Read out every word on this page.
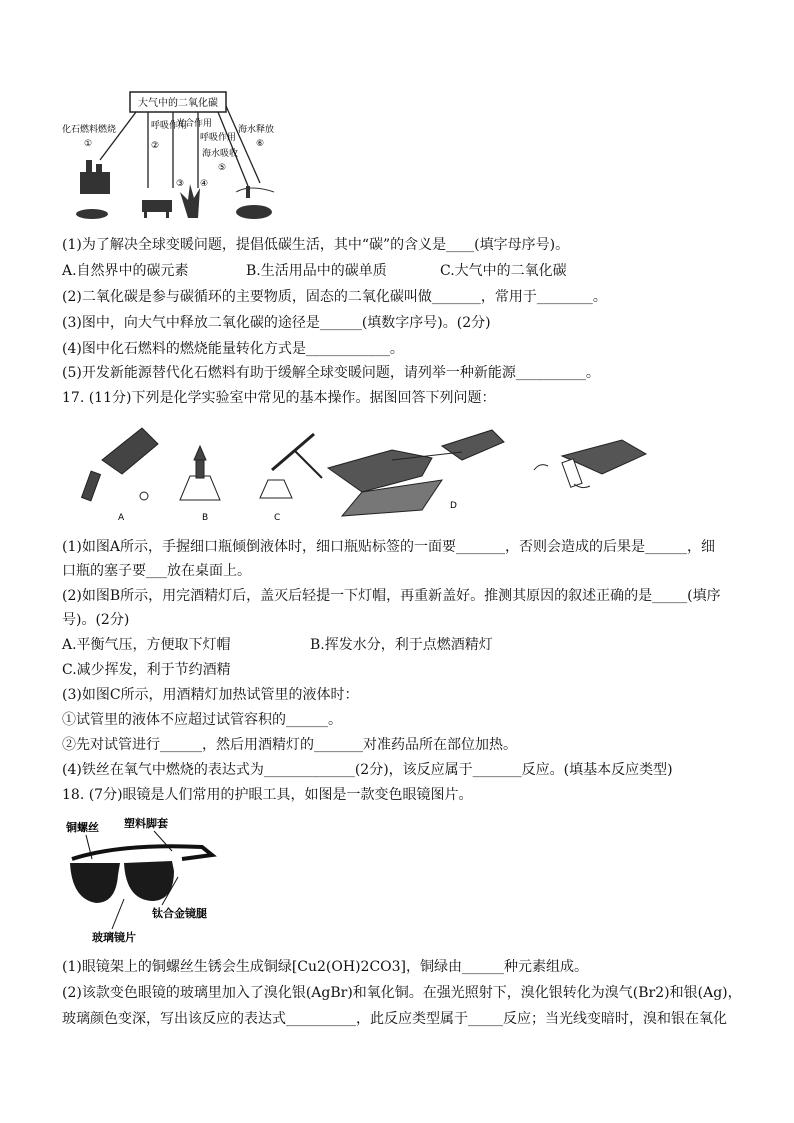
大气中的二氧化碳
化石燃料燃烧
①	②
呼吸作用
光合作用
③
呼吸作用
④
海水吸收
⑤
海水释放
⑥
(1)为了解决全球变暖问题，提倡低碳生活，其中“碳”的含义是____(填字母序号)。
A.自然界中的碳元素	B.生活用品中的碳单质	C.大气中的二氧化碳
(2)二氧化碳是参与碳循环的主要物质，固态的二氧化碳叫做_______，常用于________。
(3)图中，向大气中释放二氧化碳的途径是______(填数字序号)。(2分)
(4)图中化石燃料的燃烧能量转化方式是____________。
(5)开发新能源替代化石燃料有助于缓解全球变暖问题，请列举一种新能源__________。
17. (11分)下列是化学实验室中常见的基本操作。据图回答下列问题：
A	B	C
D
(1)如图A所示，手握细口瓶倾倒液体时，细口瓶贴标签的一面要_______，否则会造成的后果是______，细
口瓶的塞子要___放在桌面上。
(2)如图B所示，用完酒精灯后，盖灭后轻提一下灯帽，再重新盖好。推测其原因的叙述正确的是_____(填序
号)。(2分)
A.平衡气压，方便取下灯帽	B.挥发水分，利于点燃酒精灯
C.减少挥发，利于节约酒精
(3)如图C所示，用酒精灯加热试管里的液体时：
①试管里的液体不应超过试管容积的______。
②先对试管进行______，然后用酒精灯的_______对准药品所在部位加热。
(4)铁丝在氧气中燃烧的表达式为_____________(2分)，该反应属于_______反应。(填基本反应类型)
18. (7分)眼镜是人们常用的护眼工具，如图是一款变色眼镜图片。
铜螺丝 塑料脚套
钛合金镜腿
玻璃镜片
(1)眼镜架上的铜螺丝生锈会生成铜绿[Cu2(OH)2CO3]，铜绿由______种元素组成。
(2)该款变色眼镜的玻璃里加入了溴化银(AgBr)和氧化铜。在强光照射下，溴化银转化为溴气(Br2)和银(Ag)，
玻璃颜色变深，写出该反应的表达式__________，此反应类型属于_____反应；当光线变暗时，溴和银在氧化
